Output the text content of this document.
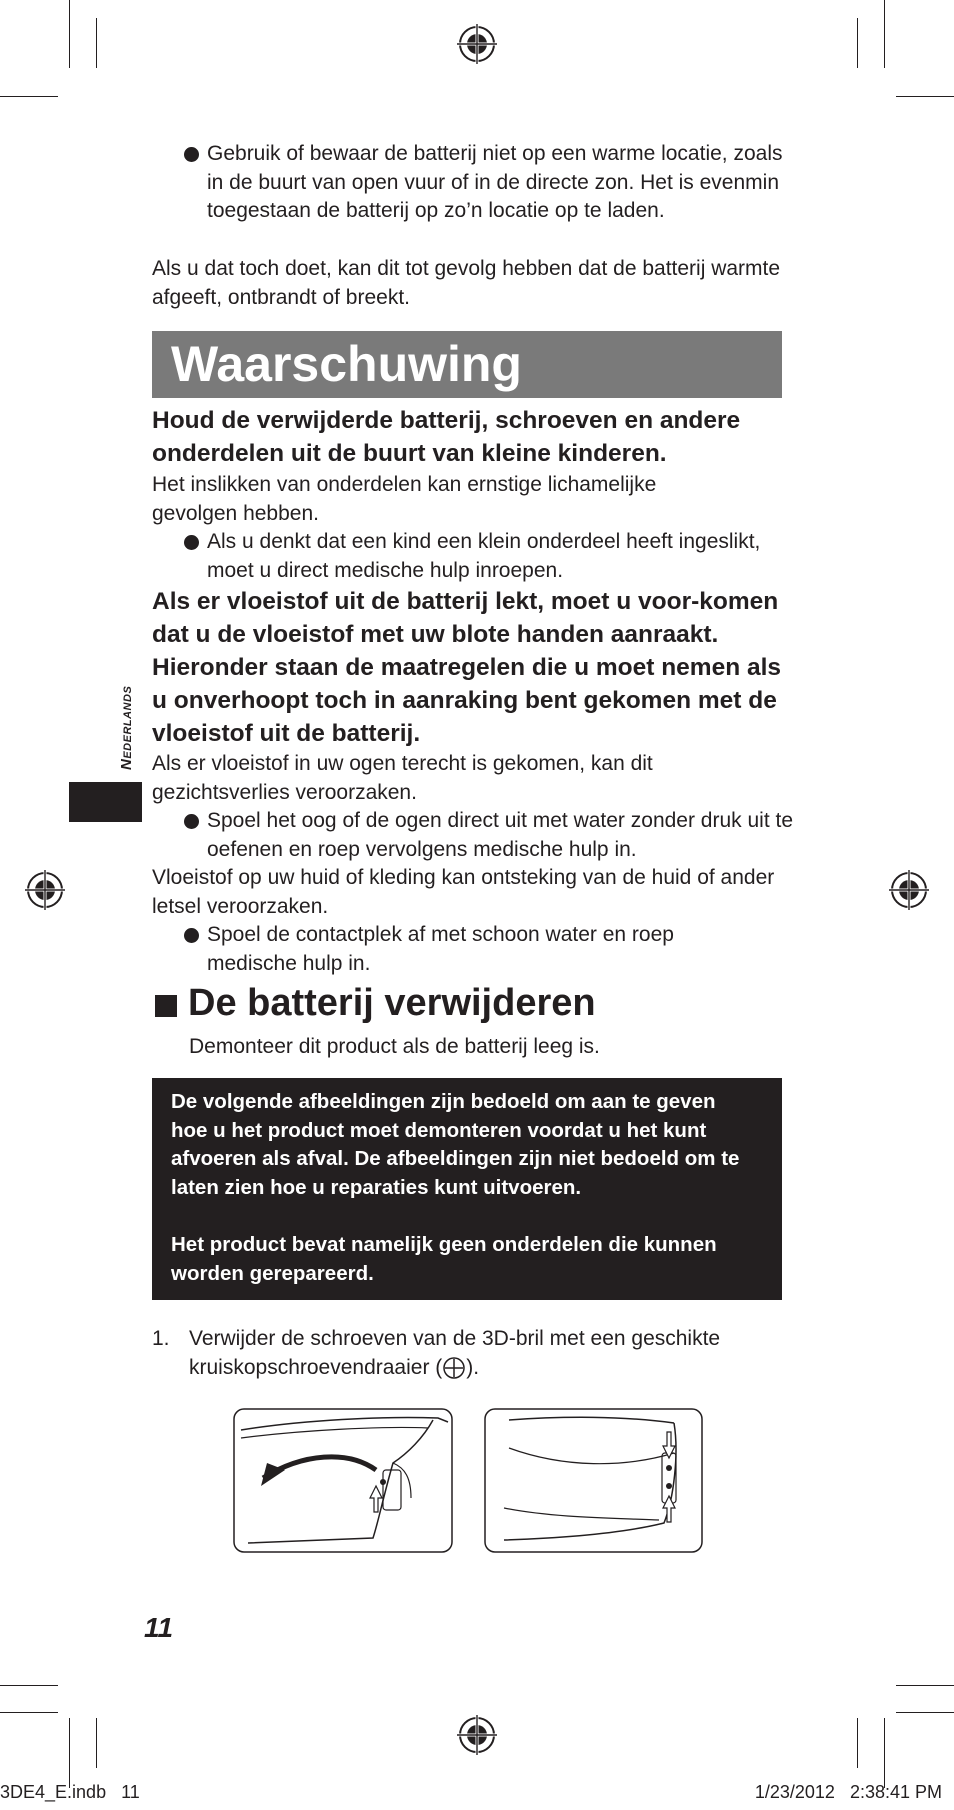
Gebruik of bewaar de batterij niet op een warme locatie, zoals in de buurt van open vuur of in de directe zon. Het is evenmin toegestaan de batterij op zo’n locatie op te laden.

Als u dat toch doet, kan dit tot gevolg hebben dat de batterij warmte afgeeft, ontbrandt of breekt.

Waarschuwing

Houd de verwijderde batterij, schroeven en andere onderdelen uit de buurt van kleine kinderen.

Het inslikken van onderdelen kan ernstige lichamelijke gevolgen hebben.

Als u denkt dat een kind een klein onderdeel heeft ingeslikt, moet u direct medische hulp inroepen.

Als er vloeistof uit de batterij lekt, moet u voor-komen dat u de vloeistof met uw blote handen aanraakt. Hieronder staan de maatregelen die u moet nemen als u onverhoopt toch in aanraking bent gekomen met de vloeistof uit de batterij.

Als er vloeistof in uw ogen terecht is gekomen, kan dit gezichtsverlies veroorzaken.

Spoel het oog of de ogen direct uit met water zonder druk uit te oefenen en roep vervolgens medische hulp in.

Vloeistof op uw huid of kleding kan ontsteking van de huid of ander letsel veroorzaken.

Spoel de contactplek af met schoon water en roep medische hulp in.
Nederlands
De batterij verwijderen

Demonteer dit product als de batterij leeg is.

De volgende afbeeldingen zijn bedoeld om aan te geven hoe u het product moet demonteren voordat u het kunt afvoeren als afval. De afbeeldingen zijn niet bedoeld om te laten zien hoe u reparaties kunt uitvoeren.

Het product bevat namelijk geen onderdelen die kunnen worden gerepareerd.

1. Verwijder de schroeven van de 3D-bril met een geschikte kruiskopschroevendraaier ( ).

11
3DE4_E.indb   11	1/23/2012   2:38:41 PM
